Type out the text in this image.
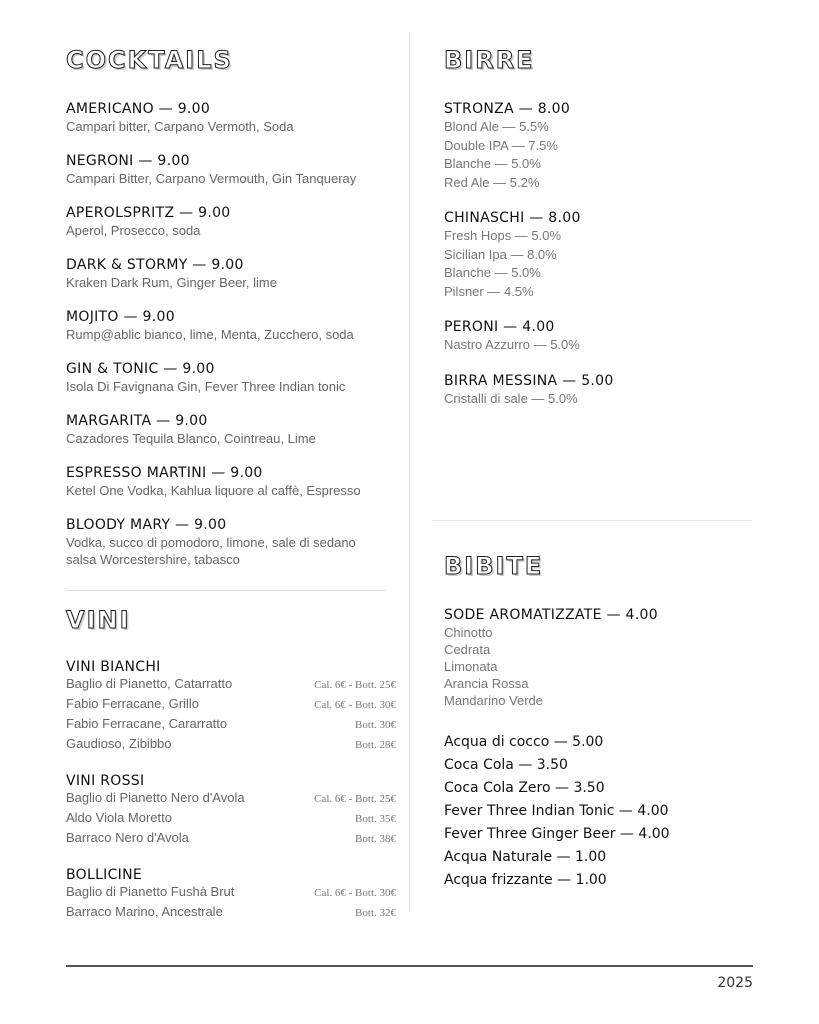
COCKTAILS
AMERICANO — 9.00
Campari bitter, Carpano Vermoth, Soda
NEGRONI — 9.00
Campari Bitter, Carpano Vermouth, Gin Tanqueray
APEROLSPRITZ — 9.00
Aperol, Prosecco, soda
DARK & STORMY — 9.00
Kraken Dark Rum, Ginger Beer, lime
MOJITO — 9.00
Rump@ablic bianco, lime, Menta, Zucchero, soda
GIN & TONIC — 9.00
Isola Di Favignana Gin, Fever Three Indian tonic
MARGARITA — 9.00
Cazadores Tequila Blanco, Cointreau, Lime
ESPRESSO MARTINI — 9.00
Ketel One Vodka, Kahlua liquore al caffè, Espresso
BLOODY MARY — 9.00
Vodka, succo di pomodoro, limone, sale di sedano salsa Worcestershire, tabasco
VINI
VINI BIANCHI
Baglio di Pianetto, Catarratto	Cal. 6€ - Bott. 25€
Fabio Ferracane, Grillo	Cal. 6€ - Bott. 30€
Fabio Ferracane, Cararratto	Bott. 30€
Gaudioso, Zibibbo	Bott. 28€
VINI ROSSI
Baglio di Pianetto Nero d'Avola	Cal. 6€ - Bott. 25€
Aldo Viola Moretto	Bott. 35€
Barraco Nero d'Avola	Bott. 38€
BOLLICINE
Baglio di Pianetto Fushà Brut	Cal. 6€ - Bott. 30€
Barraco Marino, Ancestrale	Bott. 32€
BIRRE
STRONZA — 8.00
Blond Ale — 5.5%
Double IPA — 7.5%
Blanche — 5.0%
Red Ale — 5.2%
CHINASCHI — 8.00
Fresh Hops — 5.0%
Sicilian Ipa — 8.0%
Blanche — 5.0%
Pilsner — 4.5%
PERONI — 4.00
Nastro Azzurro — 5.0%
BIRRA MESSINA — 5.00
Cristalli di sale — 5.0%
BIBITE
SODE AROMATIZZATE — 4.00
Chinotto
Cedrata
Limonata
Arancia Rossa
Mandarino Verde
Acqua di cocco — 5.00
Coca Cola — 3.50
Coca Cola Zero — 3.50
Fever Three Indian Tonic — 4.00
Fever Three Ginger Beer — 4.00
Acqua Naturale — 1.00
Acqua frizzante — 1.00
2025
